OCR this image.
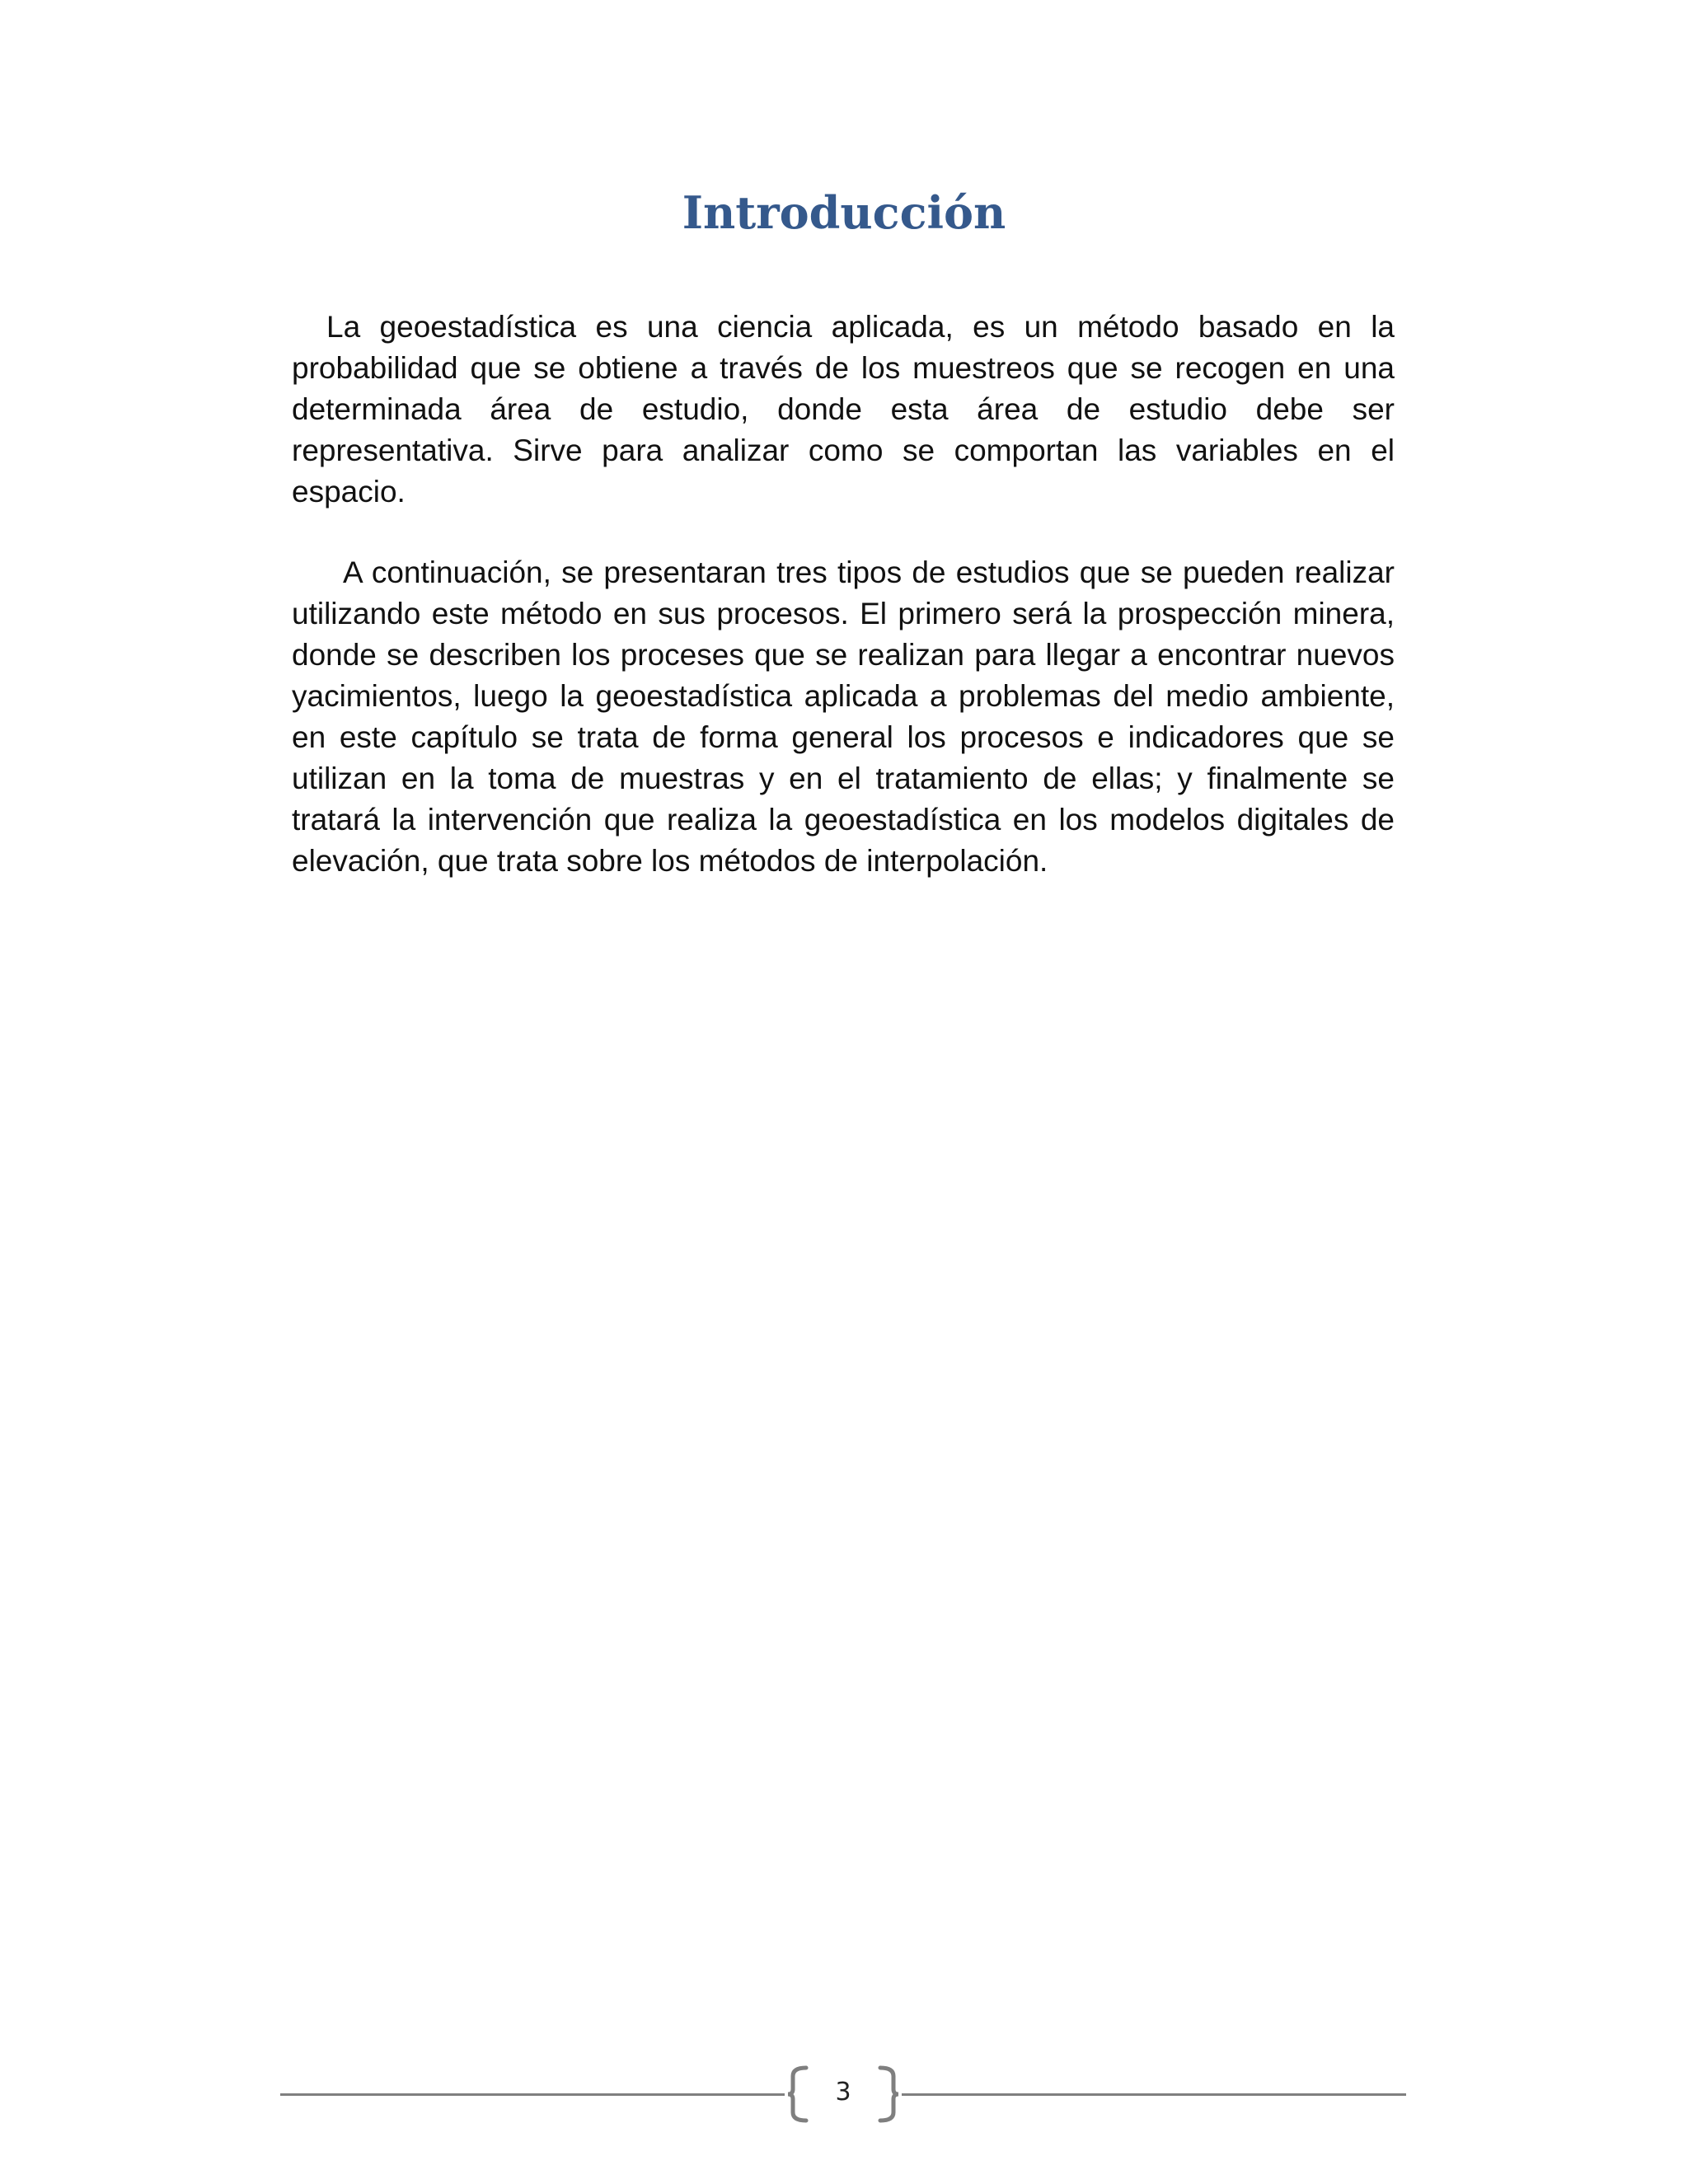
Introducción

La geoestadística es una ciencia aplicada, es un método basado en la probabilidad que se obtiene a través de los muestreos que se recogen en una determinada área de estudio, donde esta área de estudio debe ser representativa. Sirve para analizar como se comportan las variables en el espacio.

A continuación, se presentaran tres tipos de estudios que se pueden realizar utilizando este método en sus procesos. El primero será la prospección minera, donde se describen los proceses que se realizan para llegar a encontrar nuevos yacimientos, luego la geoestadística aplicada a problemas del medio ambiente, en este capítulo se trata de forma general los procesos e indicadores que se utilizan en la toma de muestras y en el tratamiento de ellas; y finalmente se tratará la intervención que realiza la geoestadística en los modelos digitales de elevación, que trata sobre los métodos de interpolación.

3
